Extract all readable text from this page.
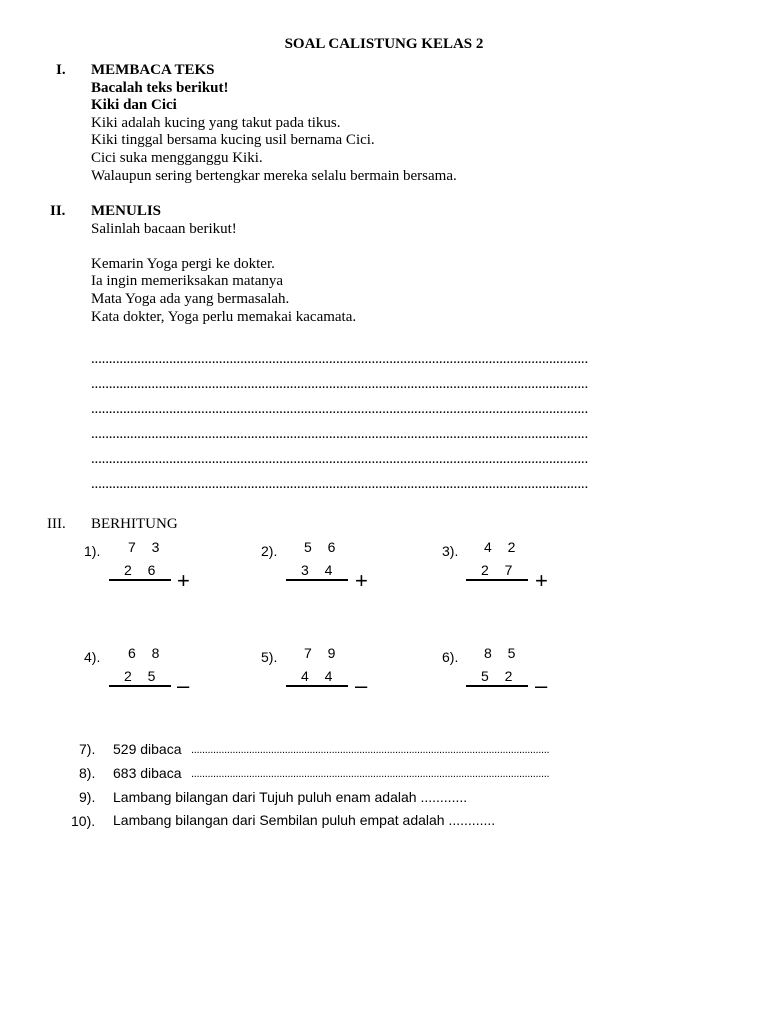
SOAL CALISTUNG KELAS 2
I. MEMBACA TEKS
Bacalah teks berikut!
Kiki dan Cici
Kiki adalah kucing yang takut pada tikus.
Kiki tinggal bersama kucing usil bernama Cici.
Cici suka mengganggu Kiki.
Walaupun sering bertengkar mereka selalu bermain bersama.
II. MENULIS
Salinlah bacaan berikut!
Kemarin Yoga pergi ke dokter.
Ia ingin memeriksakan matanya
Mata Yoga ada yang bermasalah.
Kata dokter, Yoga perlu memakai kacamata.
............................................................................................................................................
............................................................................................................................................
............................................................................................................................................
............................................................................................................................................
............................................................................................................................................
............................................................................................................................................
III. BERHITUNG
1). 7 3
2 6 +
2). 5 6
3 4 +
3). 4 2
2 7 +
4). 6 8
2 5 –
5). 7 9
4 4 –
6). 8 5
5 2 –
7). 529 dibaca ..................................................................................................................................
8). 683 dibaca ..................................................................................................................................
9). Lambang bilangan dari Tujuh puluh enam adalah ............
10). Lambang bilangan dari Sembilan puluh empat adalah ............
